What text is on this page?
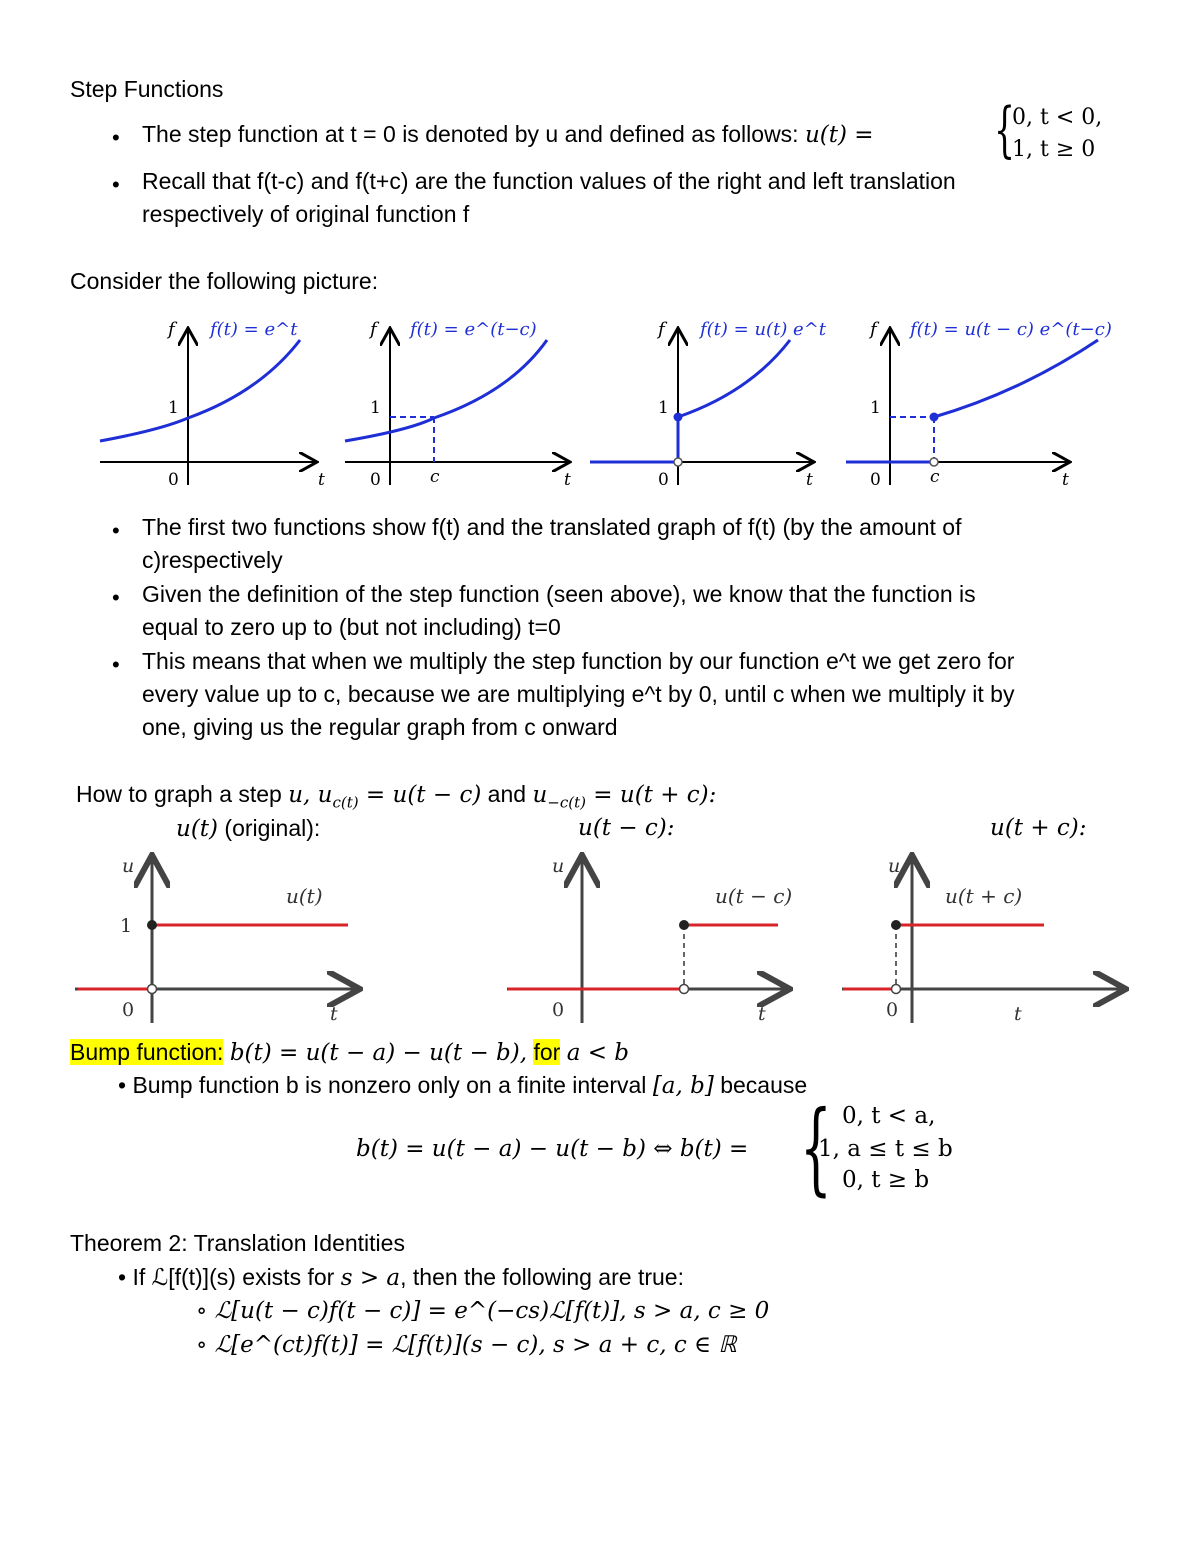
Step Functions
• The step function at t = 0 is denoted by u and defined as follows: u(t) = {
0, t < 0,
1, t ≥ 0
• Recall that f(t-c) and f(t+c) are the function values of the right and left translation
respectively of original function f
Consider the following picture:
f f(t) = e^t
1
0	t
f f(t) = e^(t−c)
1
0	c	t
f f(t) = u(t) e^t
1
0	t
f f(t) = u(t − c) e^(t−c)
1
0	c	t
• The first two functions show f(t) and the translated graph of f(t) (by the amount of
c)respectively
• Given the definition of the step function (seen above), we know that the function is
equal to zero up to (but not including) t=0
• This means that when we multiply the step function by our function e^t we get zero for
every value up to c, because we are multiplying e^t by 0, until c when we multiply it by
one, giving us the regular graph from c onward
How to graph a step u, $u_{c(t)} = u(t - c)$ and $u_{-c(t)} = u(t + c)$:
u(t) (original):	u(t − c):	u(t + c):
u
u(t)
1
0	t
u
u(t − c)
0	t
u
u(t + c)
0	t
Bump function: b(t) = u(t − a) − u(t − b), for a < b
• Bump function b is nonzero only on a finite interval [a, b] because
b(t) = u(t − a) − u(t − b) ⇔ b(t) = { 0, t < a,
1, a ≤ t ≤ b
0, t ≥ b
Theorem 2: Translation Identities
• If ℒ[f(t)](s) exists for s > a, then the following are true:
∘ ℒ[u(t − c)f(t − c)] = e^(−cs)ℒ[f(t)], s > a, c ≥ 0
∘ ℒ[e^(ct)f(t)] = ℒ[f(t)](s − c), s > a + c, c ∈ ℝ
